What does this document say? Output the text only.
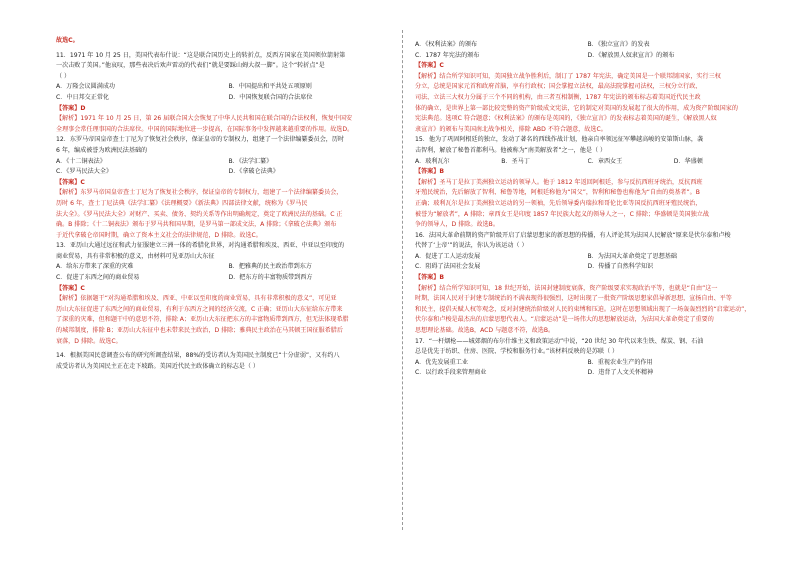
故选C。
11．1971 年 10 月 25 日，美国代表布什说：“这是联合国历史上的转折点，反西方国家在美国领位箭射第
一次击败了美国。”他哀叹，那些表决后欢声雷动的代表们“就是要踩山姆大叔一脚”。这个“转折点”是
（ ）
A．万隆会议圆满成功	B．中国提出和平共处五项原则
C．中日邦交正常化	D．中国恢复联合国的合法席位
【答案】D
【解析】1971 年 10 月 25 日，第 26 届联合国大会恢复了中华人民共和国在联合国的合法权利，恢复中国安
全理事会常任理事国的合法席位。中国的国际地位进一步提高，在国际事务中发挥越来越重要的作用。故选D。
12．东罗马帝国皇帝查士丁尼为了恢复社会秩序，保证皇帝的专制权力，组建了一个法律编纂委员会，历时
6 年，编成被誉为欧洲民法基础的
A．《十二铜表法》	B．《法学汇纂》
C．《罗马民法大全》	D．《拿破仑法典》
【答案】C
【解析】东罗马帝国皇帝查士丁尼为了恢复社会秩序，保证皇帝的专制权力，组建了一个法律编纂委员会，
历时 6 年，查士丁尼法典《法学汇纂》《法理概要》《新法典》四部法律文献，统称为《罗马民
法大全》。《罗马民法大全》对财产、买卖、债务、契约关系等作出明确规定，奠定了欧洲民法的基础。C 正
确。B 排除；《十二铜表法》颁布于罗马共和国早期，是罗马第一部成文法，A 排除；《拿破仑法典》颁布
于近代拿破仑帝国时期，确立了资本主义社会的法律规范，D 排除。故选C。
13．亚历山大通过远征和武力征服建立三洲一体的希腊化世界，对沟通希腊和埃及、西亚、中亚以至印度的
商业贸易，具有非常积极的意义，由材料可见亚历山大东征
A．给东方带来了深重的灾难	B．把雅典的民主政治带到东方
C．促进了东西之间的商业贸易	D．把东方的丰富物质带到西方
【答案】C
【解析】依据题干“对沟通希腊和埃及、西亚、中亚以至印度的商业贸易，具有非常积极的意义”，可见亚
历山大东征促进了东西之间的商业贸易，有利于东西方之间的经济交流，C 正确；亚历山大东征给东方带来
了深重的灾难，但和题干中的意思不符，排除 A；亚历山大东征把东方的丰富物质带到西方，但无法体现希腊
的城邦制度，排除 B；亚历山大东征中也未带来民主政治，D 排除；雅典民主政治在马其顿王国征服希腊后
衰落，D 排除。故选C。
14．根据美国民意调查公布的研究所调查结果，88%的受访者认为美国民主制度已“十分虚弱”，又有约八
成受访者认为美国民主正在走下坡路。美国近代民主政体确立的标志是（ ）
A．《权利法案》的颁布	B．《独立宣言》的发表
C．1787 年宪法的颁布	D．《解放黑人奴隶宣言》的颁布
【答案】C
【解析】结合所学知识可知，美国独立战争胜利后，制订了 1787 年宪法，确定美国是一个联邦制国家，实行三权
分立，总统是国家元首和政府首脑，享有行政权；国会掌握立法权，最高法院掌握司法权，三权分立行政、
司法、立法三大权力分属于三个不同的机构，由三者互相制衡，1787 年宪法的颁布标志着美国近代民主政
体的确立，是世界上第一部比较完整的资产阶级成文宪法，它的制定对美国的发展起了很大的作用，成为资产阶级国家的
宪法典范。选项C 符合题意；《权利法案》的颁布是英国的，《独立宣言》的发表标志着美国的诞生，《解放黑人奴
隶宣言》的颁布与美国南北战争相关，排除 ABD 不符合题意，故选C。
15．他为了巩固阿根廷的独立，发动了著名的西线作战计划，他亲自率领远征军攀越高峻的安第斯山脉，袭
击智利，解放了秘鲁首都利马。他被称为“南美解放者”之一，他是（ ）
A．玻利瓦尔	B．圣马丁	C．章西女王	D．华盛顿
【答案】B
【解析】圣马丁是拉丁美洲独立运动的领导人。他于 1812 年返回阿根廷，参与反抗西班牙统治，反抗西班
牙殖民统治，先后解放了智利、秘鲁等地，阿根廷称他为“国父”，智利和秘鲁也称他为“自由的奠基者”。B
正确；玻利瓦尔是拉丁美洲独立运动的另一领袖，先后领导委内瑞拉和哥伦比亚等国反抗西班牙殖民统治，
被誉为“解放者”，A 排除；章西女王是印度 1857 年民族大起义的领导人之一，C 排除；华盛顿是美国独立战
争的领导人，D 排除。故选B。
16．法国大革命前期的资产阶级开启了启蒙思想家的新思想的传播，有人评论其为法国人民解放“原来是伏尔泰和卢梭
代替了‘上帝’”的说法，你认为该运动（ ）
A．促进了工人运动发展	B．为法国大革命奠定了思想基础
C．阻碍了法国社会发展	D．传播了自然科学知识
【答案】B
【解析】结合所学知识可知，18 世纪开始，法国封建制度衰落，资产阶级要求实现政治平等，也就是“自由”这一
时期，法国人民对于封建专制统治的不满表现得很强烈，这时出现了一批资产阶级思想家倡导新思想，宣扬自由、平等
和民主，提倡天赋人权等观念，反对封建统治阶级对人民的束缚和压迫。这时在思想领域出现了一场轰轰烈烈的“启蒙运动”，
伏尔泰和卢梭是最杰出的启蒙思想代表人。“启蒙运动”是一场伟大的思想解放运动，为法国大革命奠定了重要的
思想理论基础。故选B，ACD 与题意不符，故选B。
17．“一杆烟枪——城郊烟的布尔什维主义和政策运动”中说，“20 世纪 30 年代以来生铁、煤炭、钢、石油
总是优先于纺织、住房、医院、学校和服务行业。”该材料反映的是苏联（ ）
A．优先发展重工业	B．重视农业生产的作用
C．以行政手段来管理商业	D．违背了人文关怀精神
